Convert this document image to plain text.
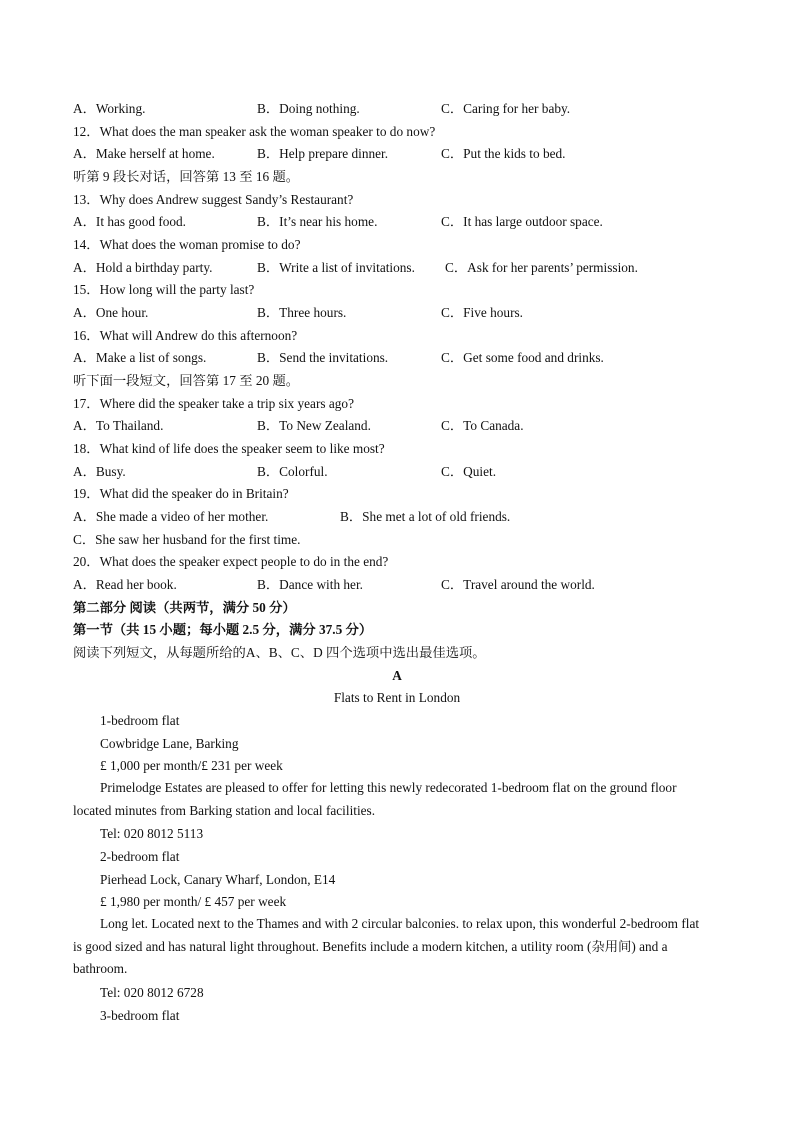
A．Working.	B．Doing nothing.	C．Caring for her baby.
12．What does the man speaker ask the woman speaker to do now?
A．Make herself at home.	B．Help prepare dinner.	C．Put the kids to bed.
听第 9 段长对话，回答第 13 至 16 题。
13．Why does Andrew suggest Sandy’s Restaurant?
A．It has good food.	B．It’s near his home.	C．It has large outdoor space.
14．What does the woman promise to do?
A．Hold a birthday party.	B．Write a list of invitations. C．Ask for her parents’ permission.
15．How long will the party last?
A．One hour.	B．Three hours.	C．Five hours.
16．What will Andrew do this afternoon?
A．Make a list of songs.	B．Send the invitations.	C．Get some food and drinks.
听下面一段短文，回答第 17 至 20 题。
17．Where did the speaker take a trip six years ago?
A．To Thailand.	B．To New Zealand.	C．To Canada.
18．What kind of life does the speaker seem to like most?
A．Busy.	B．Colorful.	C．Quiet.
19．What did the speaker do in Britain?
A．She made a video of her mother.	B．She met a lot of old friends.
C．She saw her husband for the first time.
20．What does the speaker expect people to do in the end?
A．Read her book.	B．Dance with her.	C．Travel around the world.
第二部分 阅读（共两节，满分 50 分）
第一节（共 15 小题；每小题 2.5 分，满分 37.5 分）
阅读下列短文，从每题所给的A、B、C、D 四个选项中选出最佳选项。
A
Flats to Rent in London
1-bedroom flat
Cowbridge Lane, Barking
£ 1,000 per month/£ 231 per week
Primelodge Estates are pleased to offer for letting this newly redecorated 1-bedroom flat on the ground floor located minutes from Barking station and local facilities.
Tel: 020 8012 5113
2-bedroom flat
Pierhead Lock, Canary Wharf, London, E14
£ 1,980 per month/ £ 457 per week
Long let. Located next to the Thames and with 2 circular balconies. to relax upon, this wonderful 2-bedroom flat is good sized and has natural light throughout. Benefits include a modern kitchen, a utility room (杂用间) and a bathroom.
Tel: 020 8012 6728
3-bedroom flat
